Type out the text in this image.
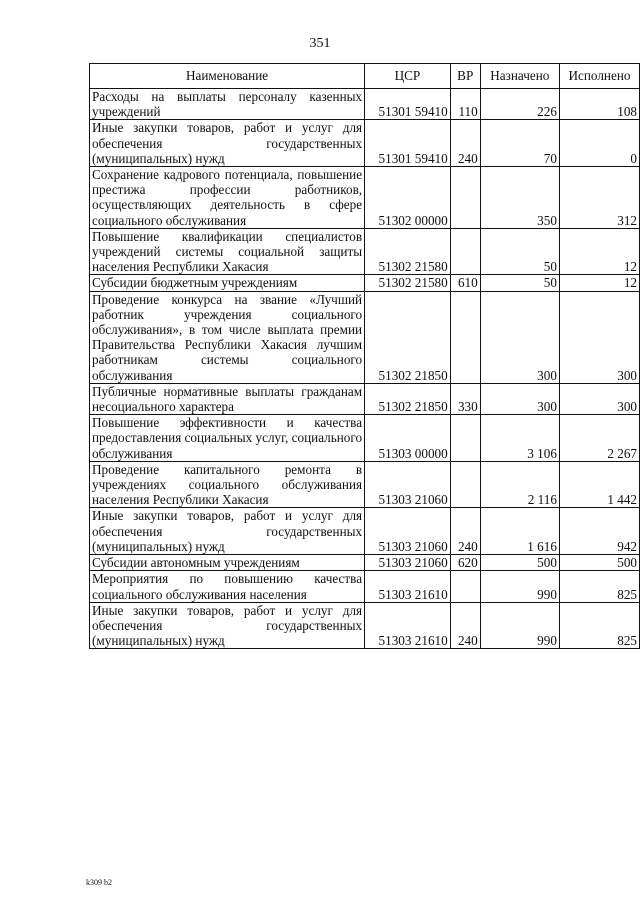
351
Наименование	ЦСР	ВР	Назначено	Исполнено
Расходы на выплаты персоналу казенных учреждений	51301 59410	110	226	108
Иные закупки товаров, работ и услуг для обеспечения государственных (муниципальных) нужд	51301 59410	240	70	0
Сохранение кадрового потенциала, повышение престижа профессии работников, осуществляющих деятельность в сфере социального обслуживания	51302 00000		350	312
Повышение квалификации специалистов учреждений системы социальной защиты населения Республики Хакасия	51302 21580		50	12
Субсидии бюджетным учреждениям	51302 21580	610	50	12
Проведение конкурса на звание «Лучший работник учреждения социального обслуживания», в том числе выплата премии Правительства Республики Хакасия лучшим работникам системы социального обслуживания	51302 21850		300	300
Публичные нормативные выплаты гражданам несоциального характера	51302 21850	330	300	300
Повышение эффективности и качества предоставления социальных услуг, социального обслуживания	51303 00000		3 106	2 267
Проведение капитального ремонта в учреждениях социального обслуживания населения Республики Хакасия	51303 21060		2 116	1 442
Иные закупки товаров, работ и услуг для обеспечения государственных (муниципальных) нужд	51303 21060	240	1 616	942
Субсидии автономным учреждениям	51303 21060	620	500	500
Мероприятия по повышению качества социального обслуживания населения	51303 21610		990	825
Иные закупки товаров, работ и услуг для обеспечения государственных (муниципальных) нужд	51303 21610	240	990	825
k309 b2
